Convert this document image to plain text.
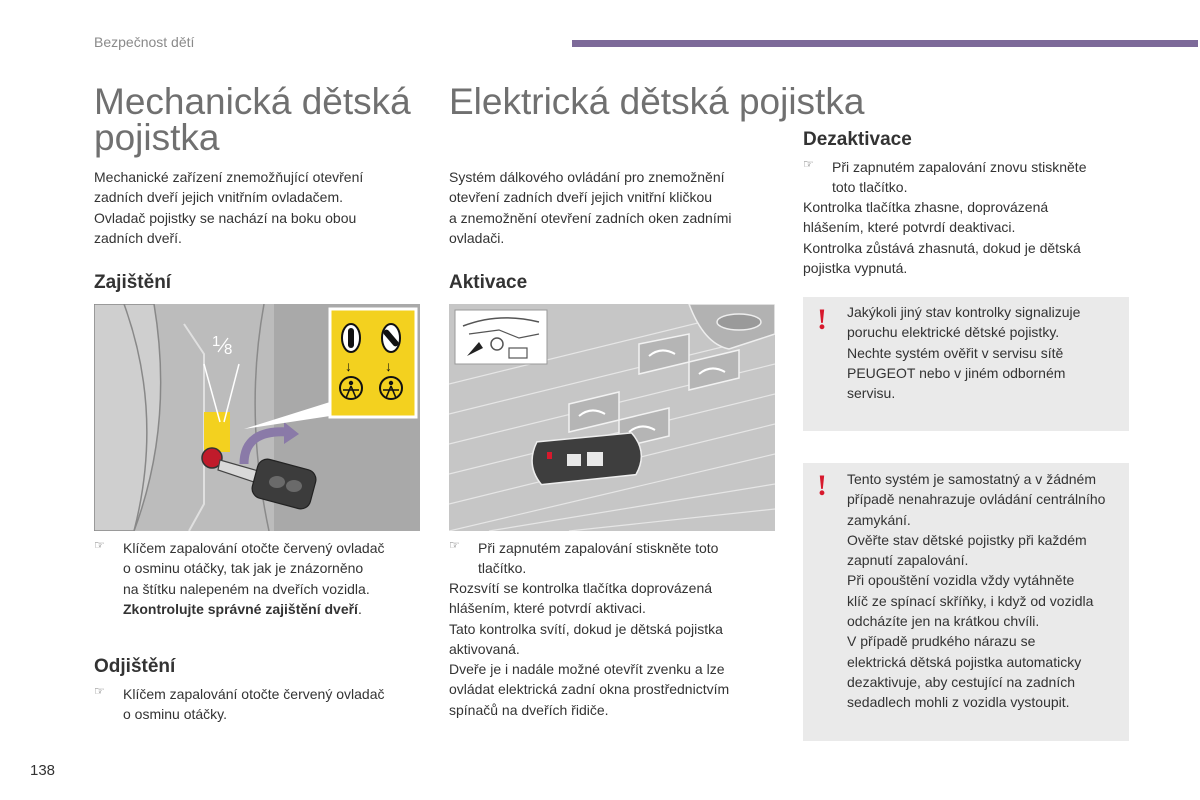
Bezpečnost dětí
Mechanická dětská
pojistka
Mechanické zařízení znemožňující otevření
zadních dveří jejich vnitřním ovladačem.
Ovladač pojistky se nachází na boku obou
zadních dveří.
Zajištění
1 8
↓ ↓
☞ Klíčem zapalování otočte červený ovladač
o osminu otáčky, tak jak je znázorněno
na štítku nalepeném na dveřích vozidla.
Zkontrolujte správné zajištění dveří.
Odjištění
☞ Klíčem zapalování otočte červený ovladač
o osminu otáčky.
Elektrická dětská pojistka
Systém dálkového ovládání pro znemožnění
otevření zadních dveří jejich vnitřní kličkou
a znemožnění otevření zadních oken zadními
ovladači.
Aktivace
☞ Při zapnutém zapalování stiskněte toto
tlačítko.
Rozsvítí se kontrolka tlačítka doprovázená
hlášením, které potvrdí aktivaci.
Tato kontrolka svítí, dokud je dětská pojistka
aktivovaná.
Dveře je i nadále možné otevřít zvenku a lze
ovládat elektrická zadní okna prostřednictvím
spínačů na dveřích řidiče.
Dezaktivace
☞ Při zapnutém zapalování znovu stiskněte
toto tlačítko.
Kontrolka tlačítka zhasne, doprovázená
hlášením, které potvrdí deaktivaci.
Kontrolka zůstává zhasnutá, dokud je dětská
pojistka vypnutá.
! Jakýkoli jiný stav kontrolky signalizuje
poruchu elektrické dětské pojistky.
Nechte systém ověřit v servisu sítě
PEUGEOT nebo v jiném odborném
servisu.
! Tento systém je samostatný a v žádném
případě nenahrazuje ovládání centrálního
zamykání.
Ověřte stav dětské pojistky při každém
zapnutí zapalování.
Při opouštění vozidla vždy vytáhněte
klíč ze spínací skříňky, i když od vozidla
odcházíte jen na krátkou chvíli.
V případě prudkého nárazu se
elektrická dětská pojistka automaticky
dezaktivuje, aby cestující na zadních
sedadlech mohli z vozidla vystoupit.
138
